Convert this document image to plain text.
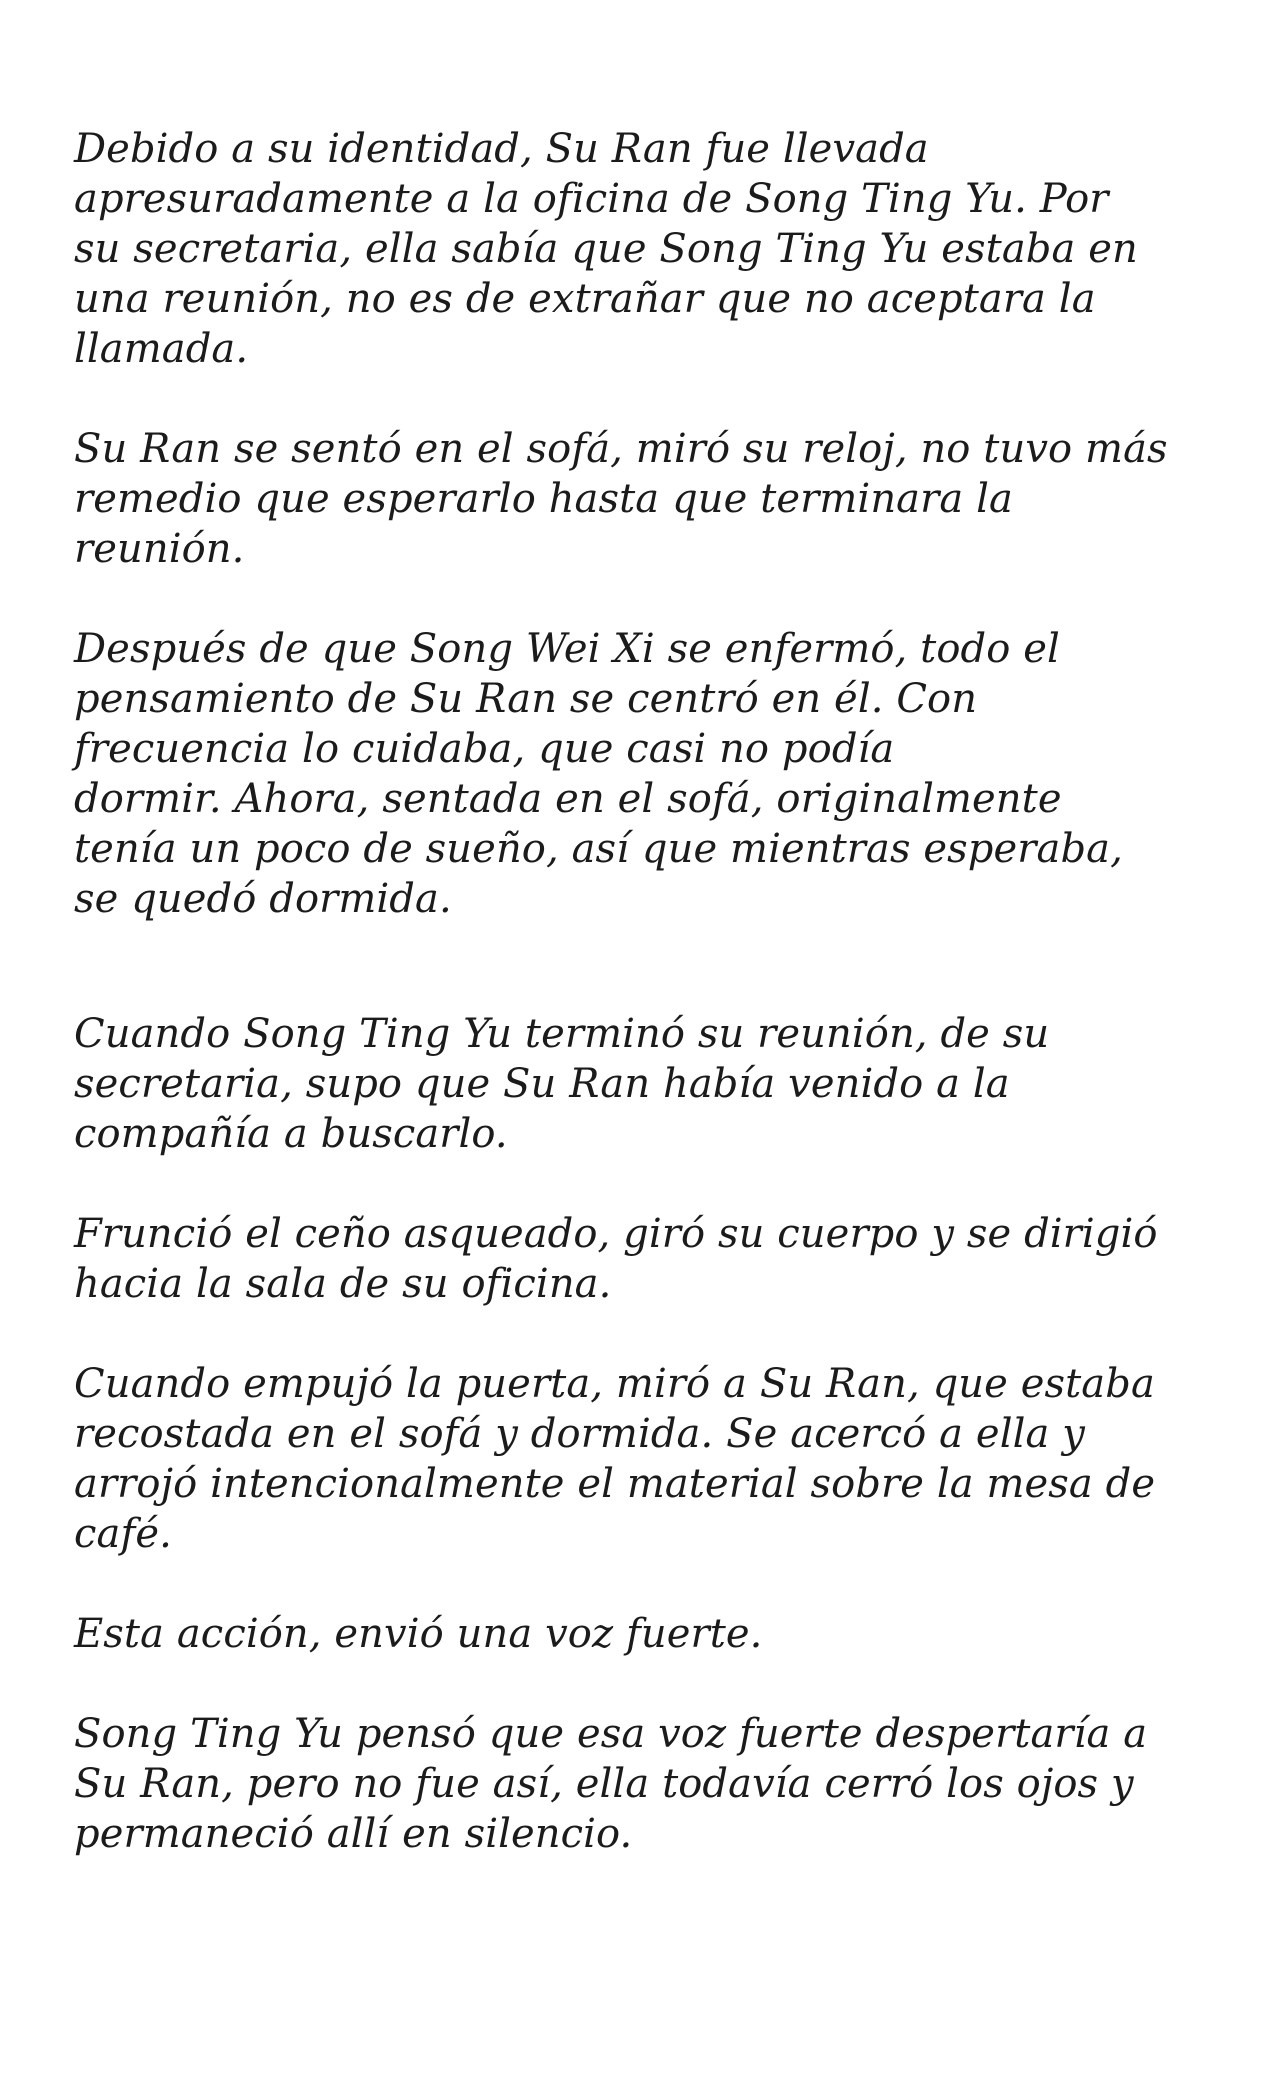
Debido a su identidad, Su Ran fue llevada
apresuradamente a la oficina de Song Ting Yu. Por
su secretaria, ella sabía que Song Ting Yu estaba en
una reunión, no es de extrañar que no aceptara la
llamada.

Su Ran se sentó en el sofá, miró su reloj, no tuvo más
remedio que esperarlo hasta que terminara la
reunión.

Después de que Song Wei Xi se enfermó, todo el
pensamiento de Su Ran se centró en él. Con
frecuencia lo cuidaba, que casi no podía
dormir. Ahora, sentada en el sofá, originalmente
tenía un poco de sueño, así que mientras esperaba,
se quedó dormida.

Cuando Song Ting Yu terminó su reunión, de su
secretaria, supo que Su Ran había venido a la
compañía a buscarlo.

Frunció el ceño asqueado, giró su cuerpo y se dirigió
hacia la sala de su oficina.

Cuando empujó la puerta, miró a Su Ran, que estaba
recostada en el sofá y dormida. Se acercó a ella y
arrojó intencionalmente el material sobre la mesa de
café.

Esta acción, envió una voz fuerte.

Song Ting Yu pensó que esa voz fuerte despertaría a
Su Ran, pero no fue así, ella todavía cerró los ojos y
permaneció allí en silencio.
